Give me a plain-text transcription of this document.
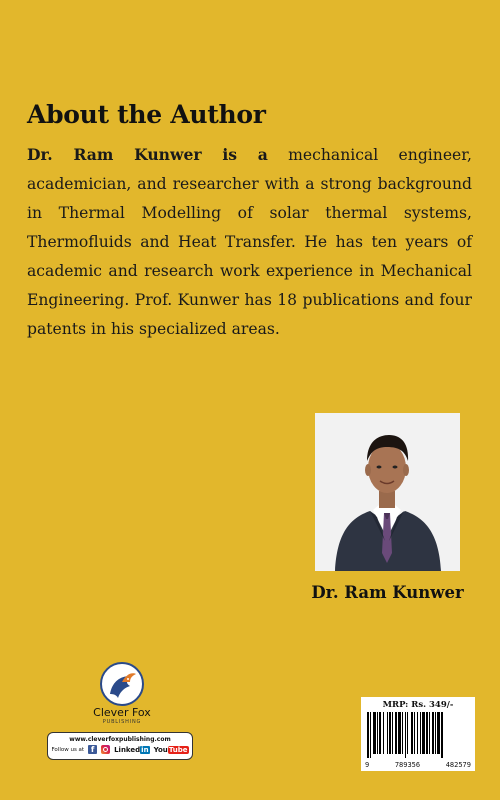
About the Author
Dr. Ram Kunwer is a mechanical engineer, academician, and researcher with a strong background in Thermal Modelling of solar thermal systems, Thermofluids and Heat Transfer. He has ten years of academic and research work experience in Mechanical Engineering. Prof. Kunwer has 18 publications and four patents in his specialized areas.
Dr. Ram Kunwer
Clever Fox
PUBLISHING
www.cleverfoxpublishing.com
Follow us at f	Linkedin YouTube
MRP: Rs. 349/-
9	789356	482579
